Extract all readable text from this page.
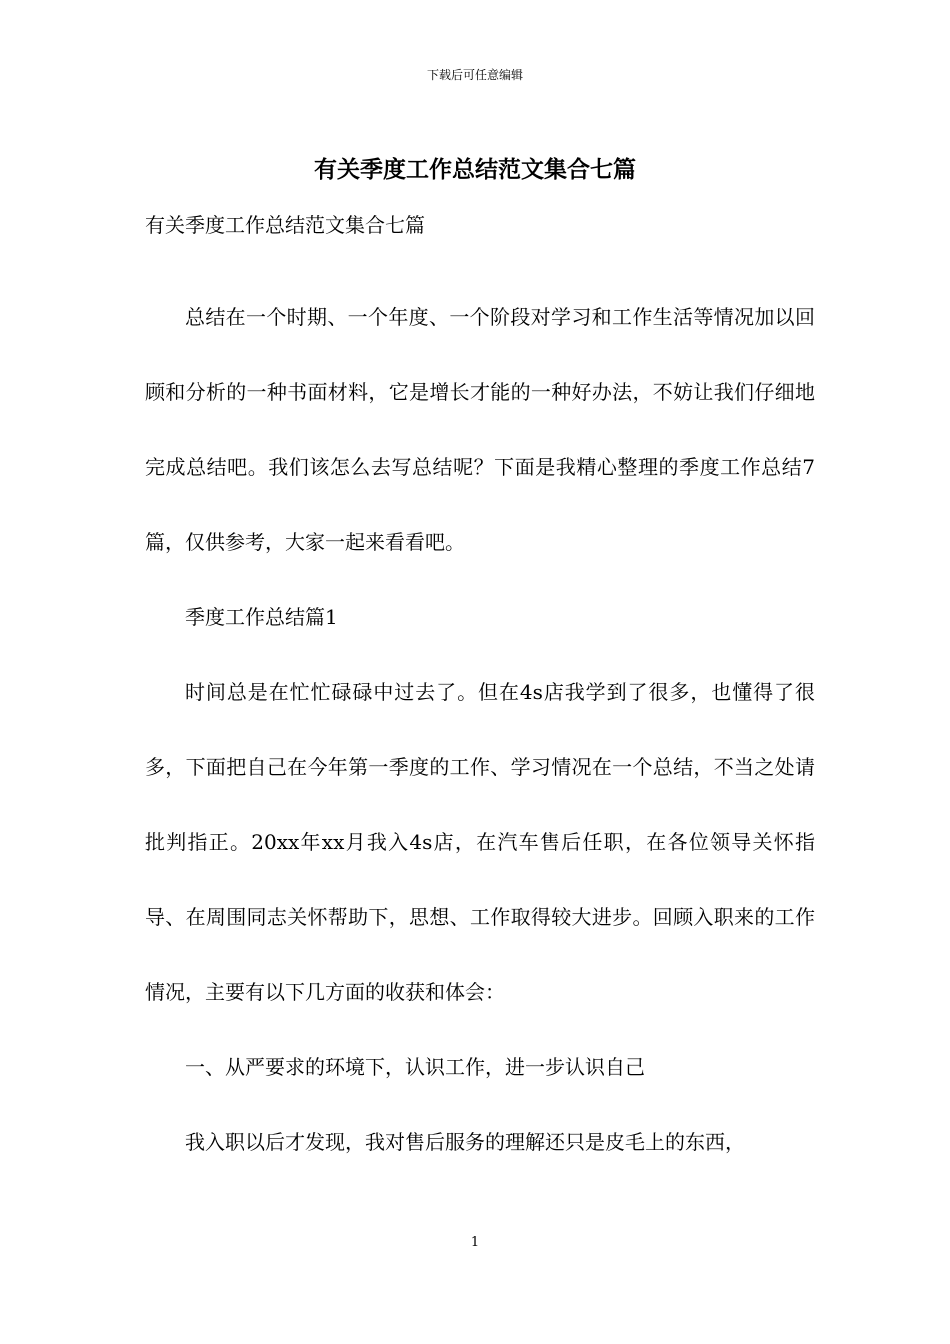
下载后可任意编辑
有关季度工作总结范文集合七篇
有关季度工作总结范文集合七篇

总结在一个时期、一个年度、一个阶段对学习和工作生活等情况加以回顾和分析的一种书面材料，它是增长才能的一种好办法，不妨让我们仔细地完成总结吧。我们该怎么去写总结呢？下面是我精心整理的季度工作总结7篇，仅供参考，大家一起来看看吧。

季度工作总结篇1

时间总是在忙忙碌碌中过去了。但在4s店我学到了很多，也懂得了很多，下面把自己在今年第一季度的工作、学习情况在一个总结，不当之处请批判指正。20xx年xx月我入4s店，在汽车售后任职，在各位领导关怀指导、在周围同志关怀帮助下，思想、工作取得较大进步。回顾入职来的工作情况，主要有以下几方面的收获和体会：

一、从严要求的环境下，认识工作，进一步认识自己

我入职以后才发现，我对售后服务的理解还只是皮毛上的东西，

1
